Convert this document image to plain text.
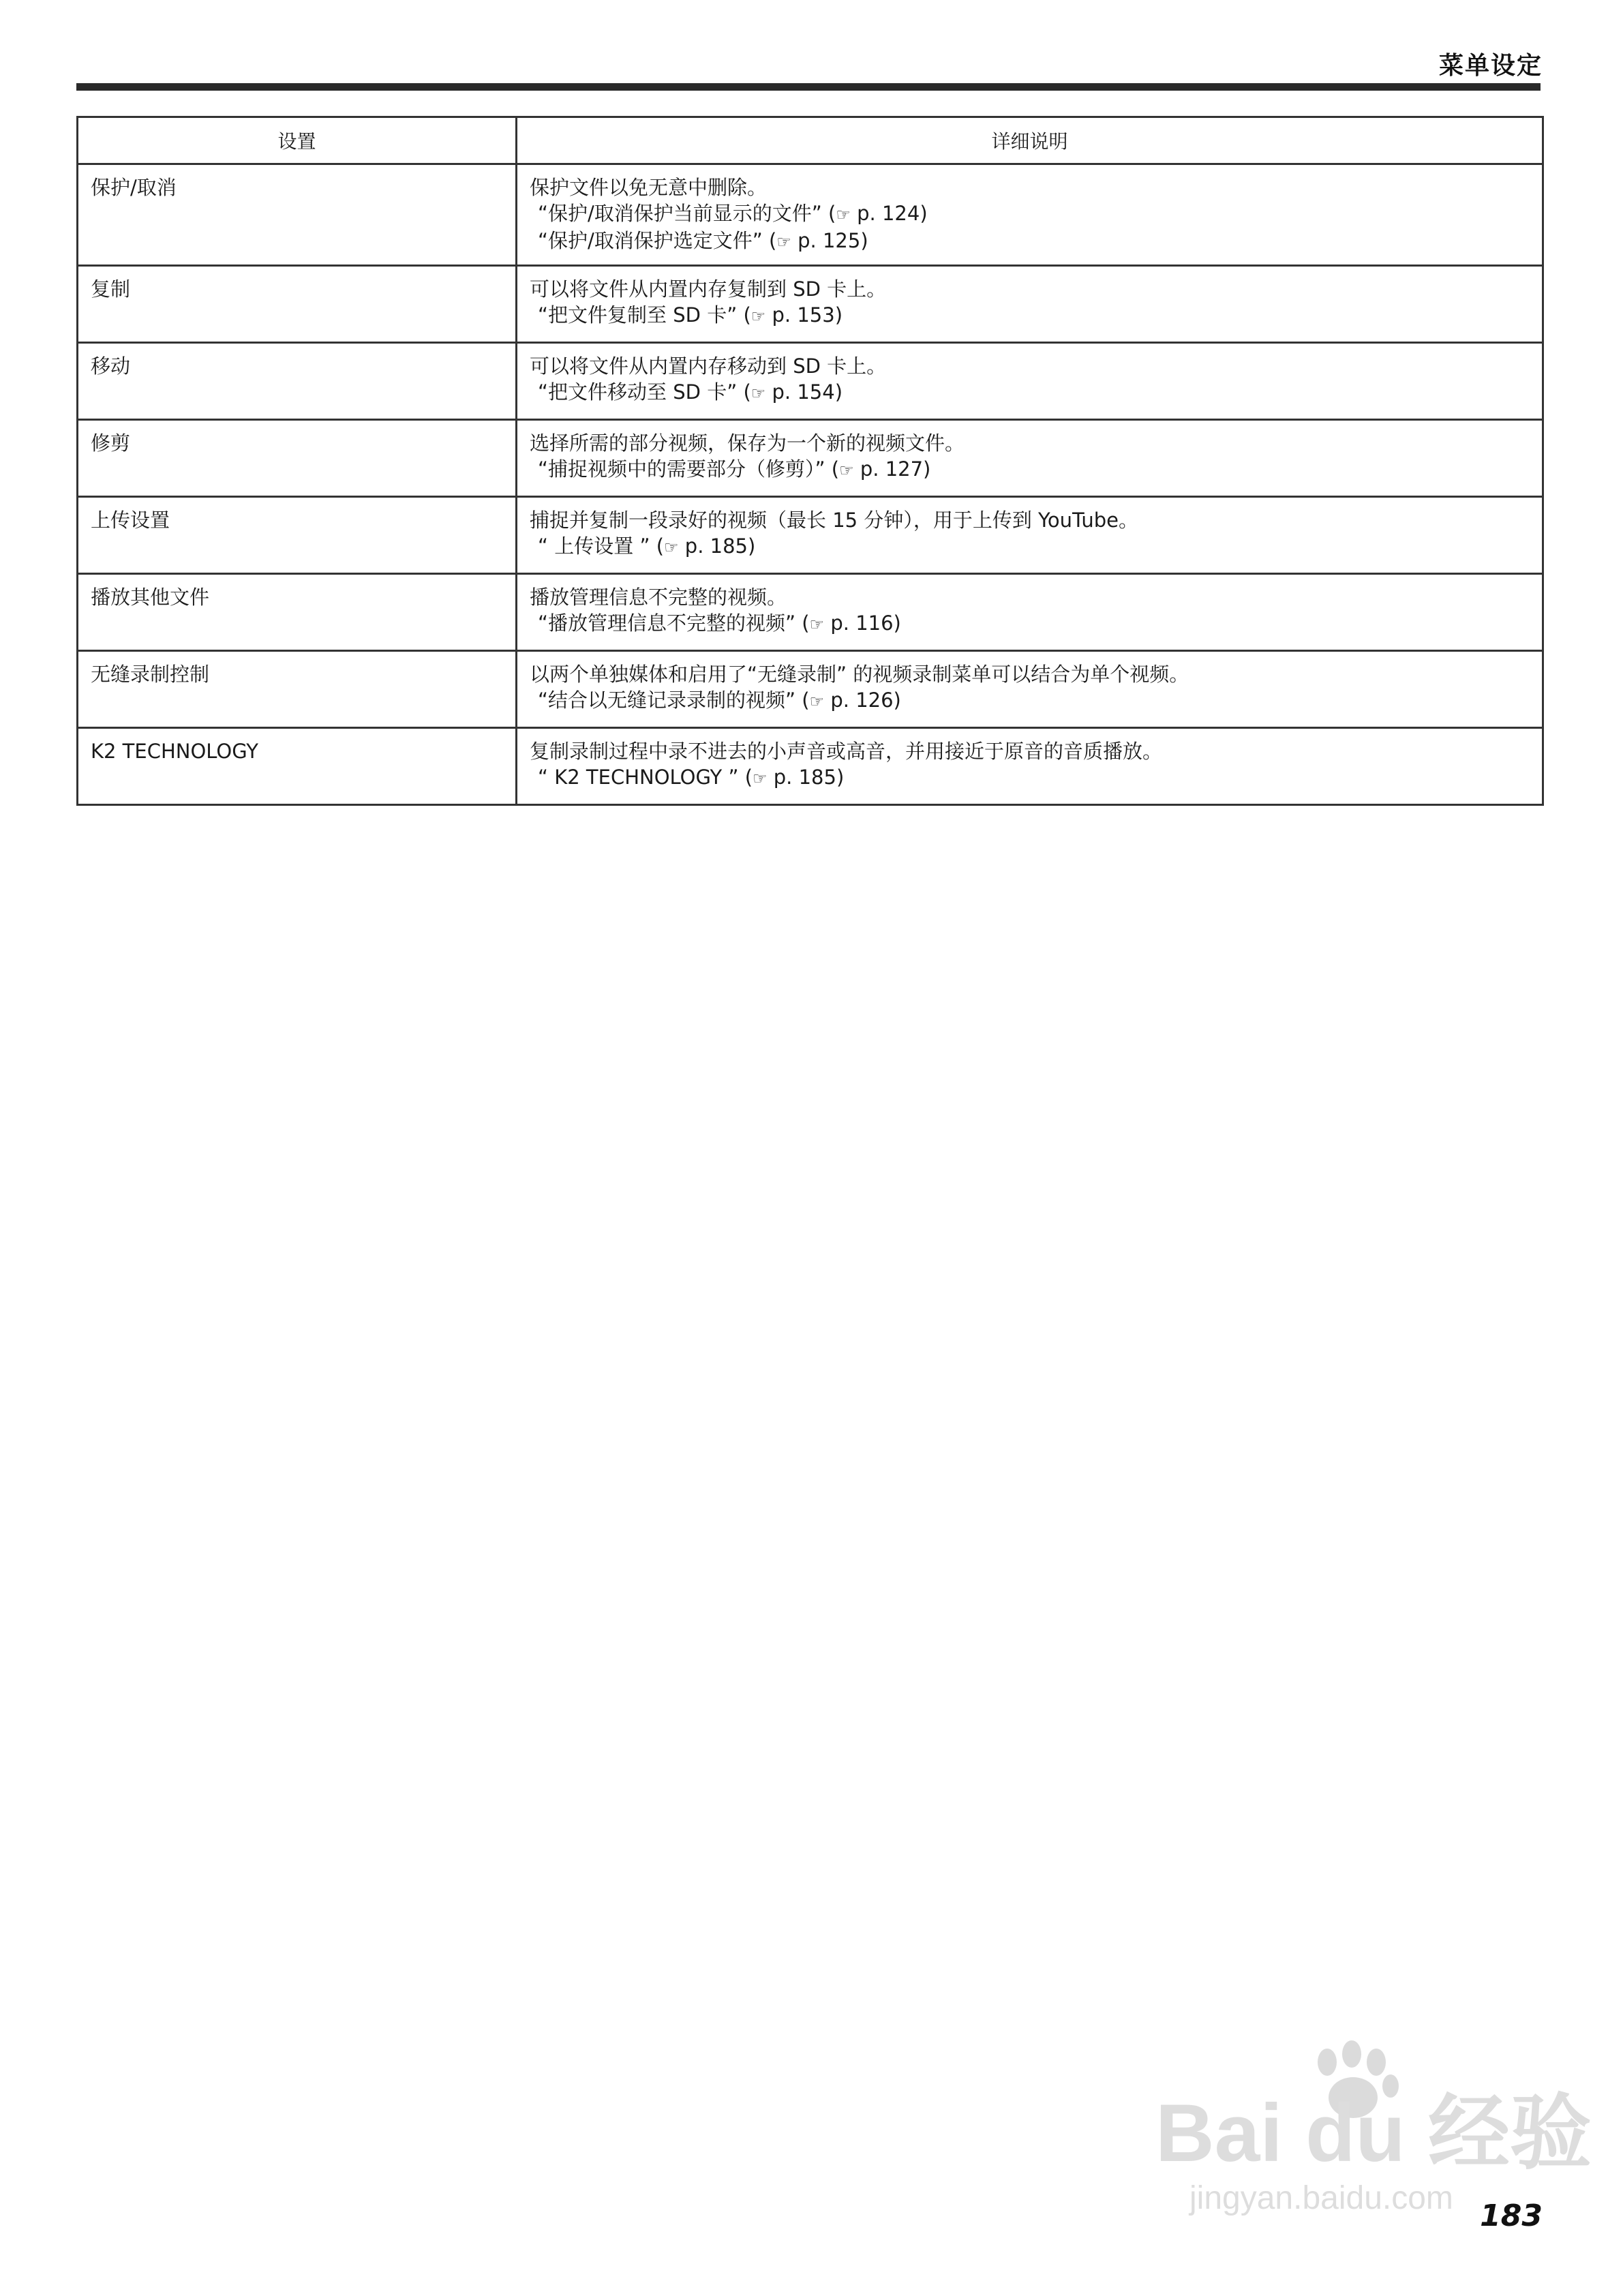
菜单设定
设置	详细说明
保护/取消	保护文件以免无意中删除。
“保护/取消保护当前显示的文件” (☞ p. 124)
“保护/取消保护选定文件” (☞ p. 125)

复制	可以将文件从内置内存复制到 SD 卡上。
“把文件复制至 SD 卡” (☞ p. 153)

移动	可以将文件从内置内存移动到 SD 卡上。
“把文件移动至 SD 卡” (☞ p. 154)

修剪	选择所需的部分视频，保存为一个新的视频文件。
“捕捉视频中的需要部分（修剪）” (☞ p. 127)

上传设置	捕捉并复制一段录好的视频（最长 15 分钟），用于上传到 YouTube。
“ 上传设置 ” (☞ p. 185)

播放其他文件	播放管理信息不完整的视频。
“播放管理信息不完整的视频” (☞ p. 116)

无缝录制控制	以两个单独媒体和启用了“无缝录制” 的视频录制菜单可以结合为单个视频。
“结合以无缝记录录制的视频” (☞ p. 126)

K2 TECHNOLOGY	复制录制过程中录不进去的小声音或高音，并用接近于原音的音质播放。
“ K2 TECHNOLOGY ” (☞ p. 185)
Bai du 经验
jingyan.baidu.com 183
